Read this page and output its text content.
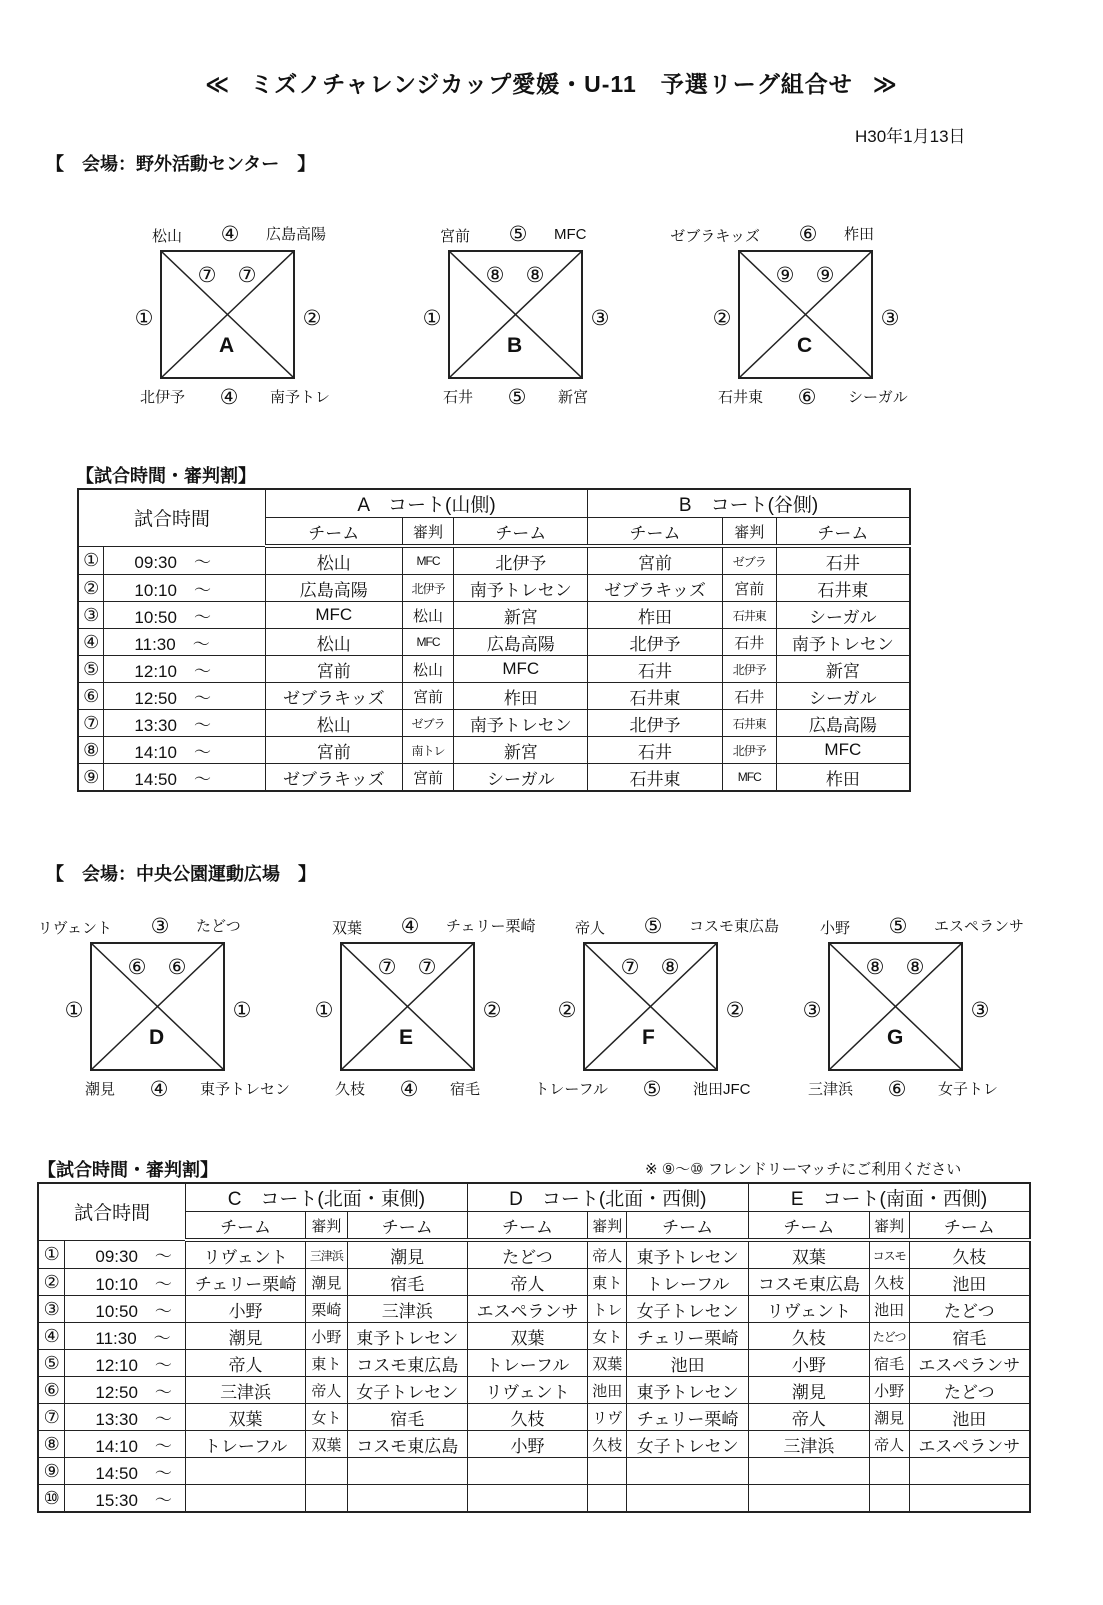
≪ ミズノチャレンジカップ愛媛・U-11　予選リーグ組合せ ≫
H30年1月13日
【　会場：野外活動センター　】
松山 ④ 広島高陽
⑦ ⑦
①	②
A
北伊予 ④ 南予トレ
宮前 ⑤ MFC
⑧ ⑧
①	③
B
石井 ⑤ 新宮
ゼブラキッズ ⑥ 柞田
⑨ ⑨
②	③
C
石井東 ⑥ シーガル
【試合時間・審判割】
試合時間		A　コート(山側)			B　コート(谷側)		
		チーム	審判	チーム	チーム	審判	チーム
①	09:30　～	松山	MFC	北伊予	宮前	ゼブラ	石井
②	10:10　～	広島高陽	北伊予	南予トレセン	ゼブラキッズ	宮前	石井東
③	10:50　～	MFC	松山	新宮	柞田	石井東	シーガル
④	11:30　～	松山	MFC	広島高陽	北伊予	石井	南予トレセン
⑤	12:10　～	宮前	松山	MFC	石井	北伊予	新宮
⑥	12:50　～	ゼブラキッズ	宮前	柞田	石井東	石井	シーガル
⑦	13:30　～	松山	ゼブラ	南予トレセン	北伊予	石井東	広島高陽
⑧	14:10　～	宮前	南トレ	新宮	石井	北伊予	MFC
⑨	14:50　～	ゼブラキッズ	宮前	シーガル	石井東	MFC	柞田
【　会場：中央公園運動広場　】
リヴェント ③ たどつ
⑥ ⑥
①	①
D
潮見 ④ 東予トレセン
双葉 ④ チェリー栗崎
⑦ ⑦
①	②
E
久枝 ④ 宿毛
帝人 ⑤ コスモ東広島
⑦ ⑧
②	②
F
トレーフル ⑤ 池田JFC
小野 ⑤ エスペランサ
⑧ ⑧
③	③
G
三津浜 ⑥ 女子トレ
【試合時間・審判割】	※ ⑨～⑩ フレンドリーマッチにご利用ください
試合時間		C　コート(北面・東側)			D　コート(北面・西側)			E　コート(南面・西側)		
		チーム	審判	チーム	チーム	審判	チーム	チーム	審判	チーム
①	09:30　～	リヴェント	三津浜	潮見	たどつ	帝人	東予トレセン	双葉	コスモ	久枝
②	10:10　～	チェリー栗崎	潮見	宿毛	帝人	東ト	トレーフル	コスモ東広島	久枝	池田
③	10:50　～	小野	栗崎	三津浜	エスペランサ	トレ	女子トレセン	リヴェント	池田	たどつ
④	11:30　～	潮見	小野	東予トレセン	双葉	女ト	チェリー栗崎	久枝	たどつ	宿毛
⑤	12:10　～	帝人	東ト	コスモ東広島	トレーフル	双葉	池田	小野	宿毛	エスペランサ
⑥	12:50　～	三津浜	帝人	女子トレセン	リヴェント	池田	東予トレセン	潮見	小野	たどつ
⑦	13:30　～	双葉	女ト	宿毛	久枝	リヴ	チェリー栗崎	帝人	潮見	池田
⑧	14:10　～	トレーフル	双葉	コスモ東広島	小野	久枝	女子トレセン	三津浜	帝人	エスペランサ
⑨	14:50　～									
⑩	15:30　～									
